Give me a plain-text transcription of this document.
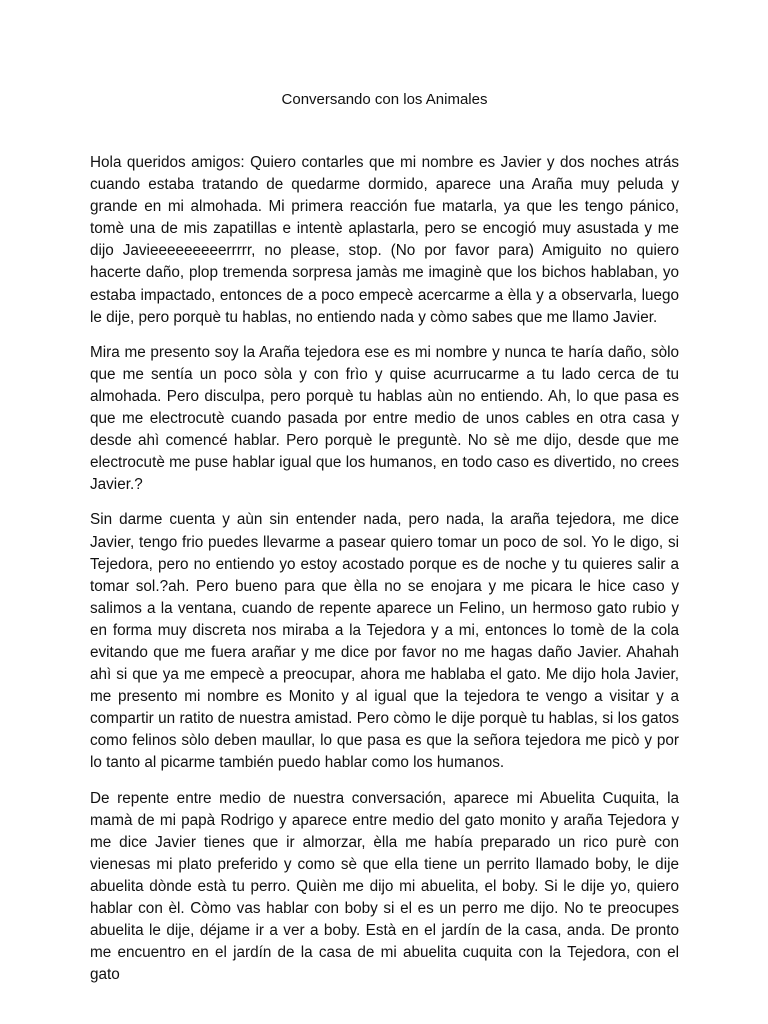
Conversando con los Animales

Hola queridos amigos: Quiero contarles que mi nombre es Javier y dos noches atrás cuando estaba tratando de quedarme dormido, aparece una Araña muy peluda y grande en mi almohada. Mi primera reacción fue matarla, ya que les tengo pánico, tomè una de mis zapatillas e intentè aplastarla, pero se encogió muy asustada y me dijo Javieeeeeeeeerrrrr, no please, stop. (No por favor para) Amiguito no quiero hacerte daño, plop tremenda sorpresa jamàs me imaginè que los bichos hablaban, yo estaba impactado, entonces de a poco empecè acercarme a èlla y a observarla, luego le dije, pero porquè tu hablas, no entiendo nada y còmo sabes que me llamo Javier.

Mira me presento soy la Araña tejedora ese es mi nombre y nunca te haría daño, sòlo que me sentía un poco sòla y con frìo y quise acurrucarme a tu lado cerca de tu almohada. Pero disculpa, pero porquè tu hablas aùn no entiendo. Ah, lo que pasa es que me electrocutè cuando pasada por entre medio de unos cables en otra casa y desde ahì comencé hablar. Pero porquè le preguntè. No sè me dijo, desde que me electrocutè me puse hablar igual que los humanos, en todo caso es divertido, no crees Javier.?

Sin darme cuenta y aùn sin entender nada, pero nada, la araña tejedora, me dice Javier, tengo frio puedes llevarme a pasear quiero tomar un poco de sol. Yo le digo, si Tejedora, pero no entiendo yo estoy acostado porque es de noche y tu quieres salir a tomar sol.?ah. Pero bueno para que èlla no se enojara y me picara le hice caso y salimos a la ventana, cuando de repente aparece un Felino, un hermoso gato rubio y en forma muy discreta nos miraba a la Tejedora y a mi, entonces lo tomè de la cola evitando que me fuera arañar y me dice por favor no me hagas daño Javier. Ahahah ahì si que ya me empecè a preocupar, ahora me hablaba el gato. Me dijo hola Javier, me presento mi nombre es Monito y al igual que la tejedora te vengo a visitar y a compartir un ratito de nuestra amistad. Pero còmo le dije porquè tu hablas, si los gatos como felinos sòlo deben maullar, lo que pasa es que la señora tejedora me picò y por lo tanto al picarme también puedo hablar como los humanos.

De repente entre medio de nuestra conversación, aparece mi Abuelita Cuquita, la mamà de mi papà Rodrigo y aparece entre medio del gato monito y araña Tejedora y me dice Javier tienes que ir almorzar, èlla me había preparado un rico purè con vienesas mi plato preferido y como sè que ella tiene un perrito llamado boby, le dije abuelita dònde està tu perro. Quièn me dijo mi abuelita, el boby. Si le dije yo, quiero hablar con èl. Còmo vas hablar con boby si el es un perro me dijo. No te preocupes abuelita le dije, déjame ir a ver a boby. Està en el jardín de la casa, anda. De pronto me encuentro en el jardín de la casa de mi abuelita cuquita con la Tejedora, con el gato
